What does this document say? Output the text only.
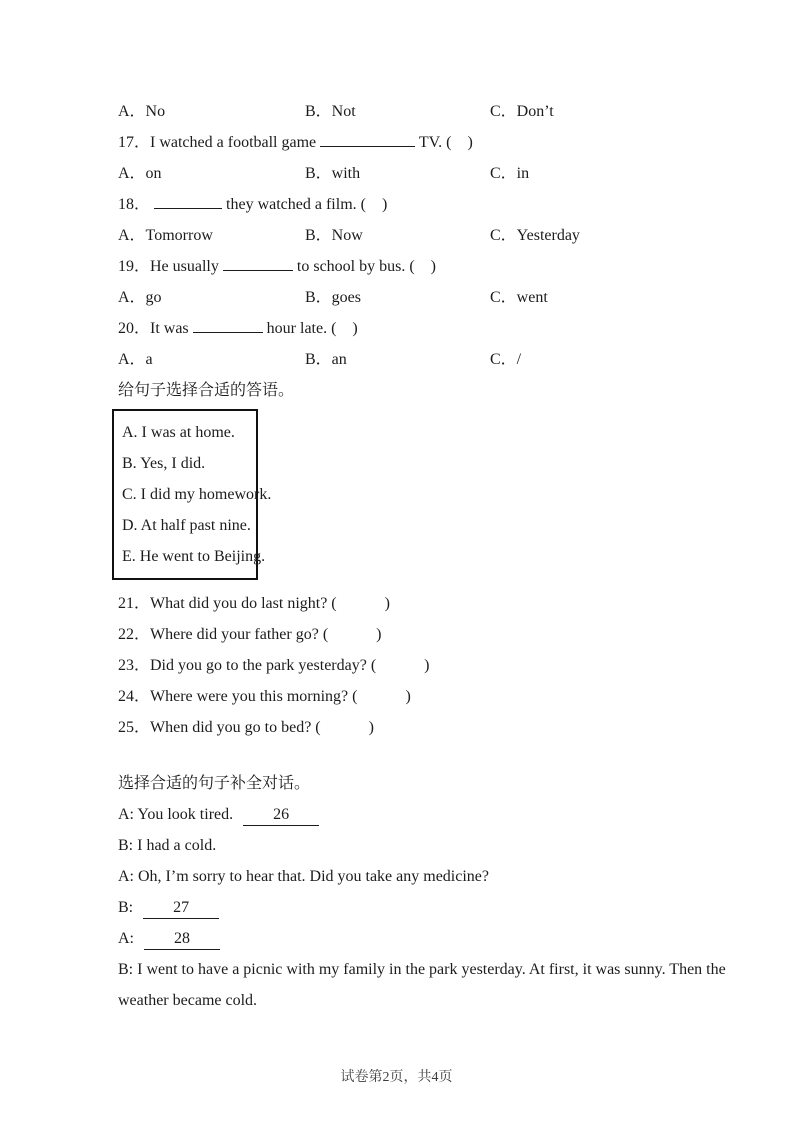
A．No	B．Not	C．Don’t
17．I watched a football game	TV. (　)
A．on	B．with	C．in
18．	they watched a film. (　)
A．Tomorrow	B．Now	C．Yesterday
19．He usually	to school by bus. (　)
A．go	B．goes	C．went
20．It was	hour late. (　)
A．a	B．an	C．/
给句子选择合适的答语。
A. I was at home.
B. Yes, I did.
C. I did my homework.
D. At half past nine.
E. He went to Beijing.
21．What did you do last night? (　　　)
22．Where did your father go? (　　　)
23．Did you go to the park yesterday? (　　　)
24．Where were you this morning? (　　　)
25．When did you go to bed? (　　　)
选择合适的句子补全对话。
A: You look tired.	26
B: I had a cold.
A: Oh, I’m sorry to hear that. Did you take any medicine?
B:	27
A:	28
B: I went to have a picnic with my family in the park yesterday. At first, it was sunny. Then the weather became cold.
试卷第2页，共4页
